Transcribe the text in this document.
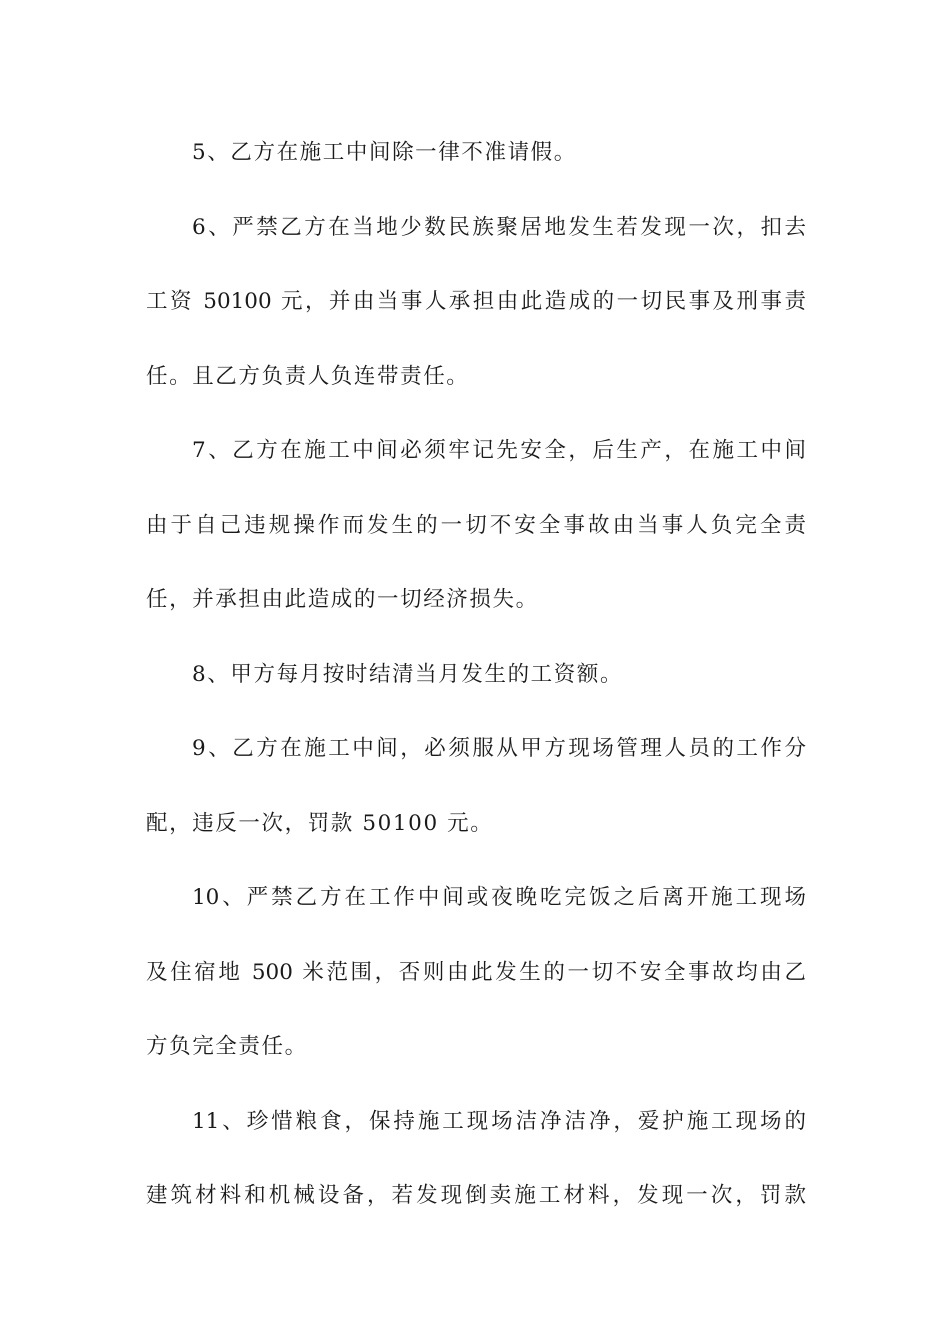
5、乙方在施工中间除一律不准请假。
6、严禁乙方在当地少数民族聚居地发生若发现一次，扣去
工资 50100 元，并由当事人承担由此造成的一切民事及刑事责
任。且乙方负责人负连带责任。
7、乙方在施工中间必须牢记先安全，后生产，在施工中间
由于自己违规操作而发生的一切不安全事故由当事人负完全责
任，并承担由此造成的一切经济损失。
8、甲方每月按时结清当月发生的工资额。
9、乙方在施工中间，必须服从甲方现场管理人员的工作分
配，违反一次，罚款 50100 元。
10、严禁乙方在工作中间或夜晚吃完饭之后离开施工现场
及住宿地 500 米范围，否则由此发生的一切不安全事故均由乙
方负完全责任。
11、珍惜粮食，保持施工现场洁净洁净，爱护施工现场的
建筑材料和机械设备，若发现倒卖施工材料，发现一次，罚款
